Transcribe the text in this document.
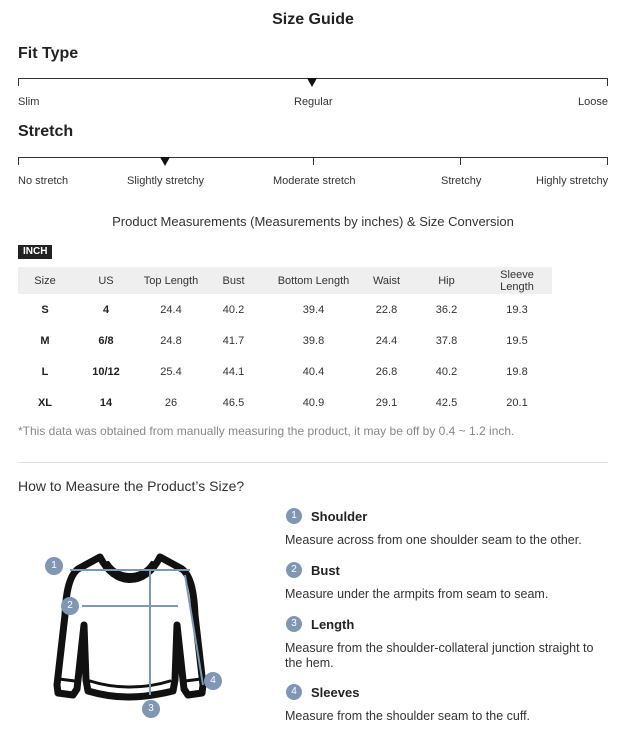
Size Guide
Fit Type
Slim	Regular	Loose
Stretch
No stretch	Slightly stretchy	Moderate stretch	Stretchy	Highly stretchy
Product Measurements (Measurements by inches) & Size Conversion
INCH
Size	US	Top Length	Bust	Bottom Length	Waist	Hip	Sleeve Length
S	4	24.4	40.2	39.4	22.8	36.2	19.3
M	6/8	24.8	41.7	39.8	24.4	37.8	19.5
L	10/12	25.4	44.1	40.4	26.8	40.2	19.8
XL	14	26	46.5	40.9	29.1	42.5	20.1
*This data was obtained from manually measuring the product, it may be off by 0.4 ~ 1.2 inch.
How to Measure the Product’s Size?
1
2
3
4
1	Shoulder
Measure across from one shoulder seam to the other.
2	Bust
Measure under the armpits from seam to seam.
3	Length
Measure from the shoulder-collateral junction straight to the hem.
4	Sleeves
Measure from the shoulder seam to the cuff.
